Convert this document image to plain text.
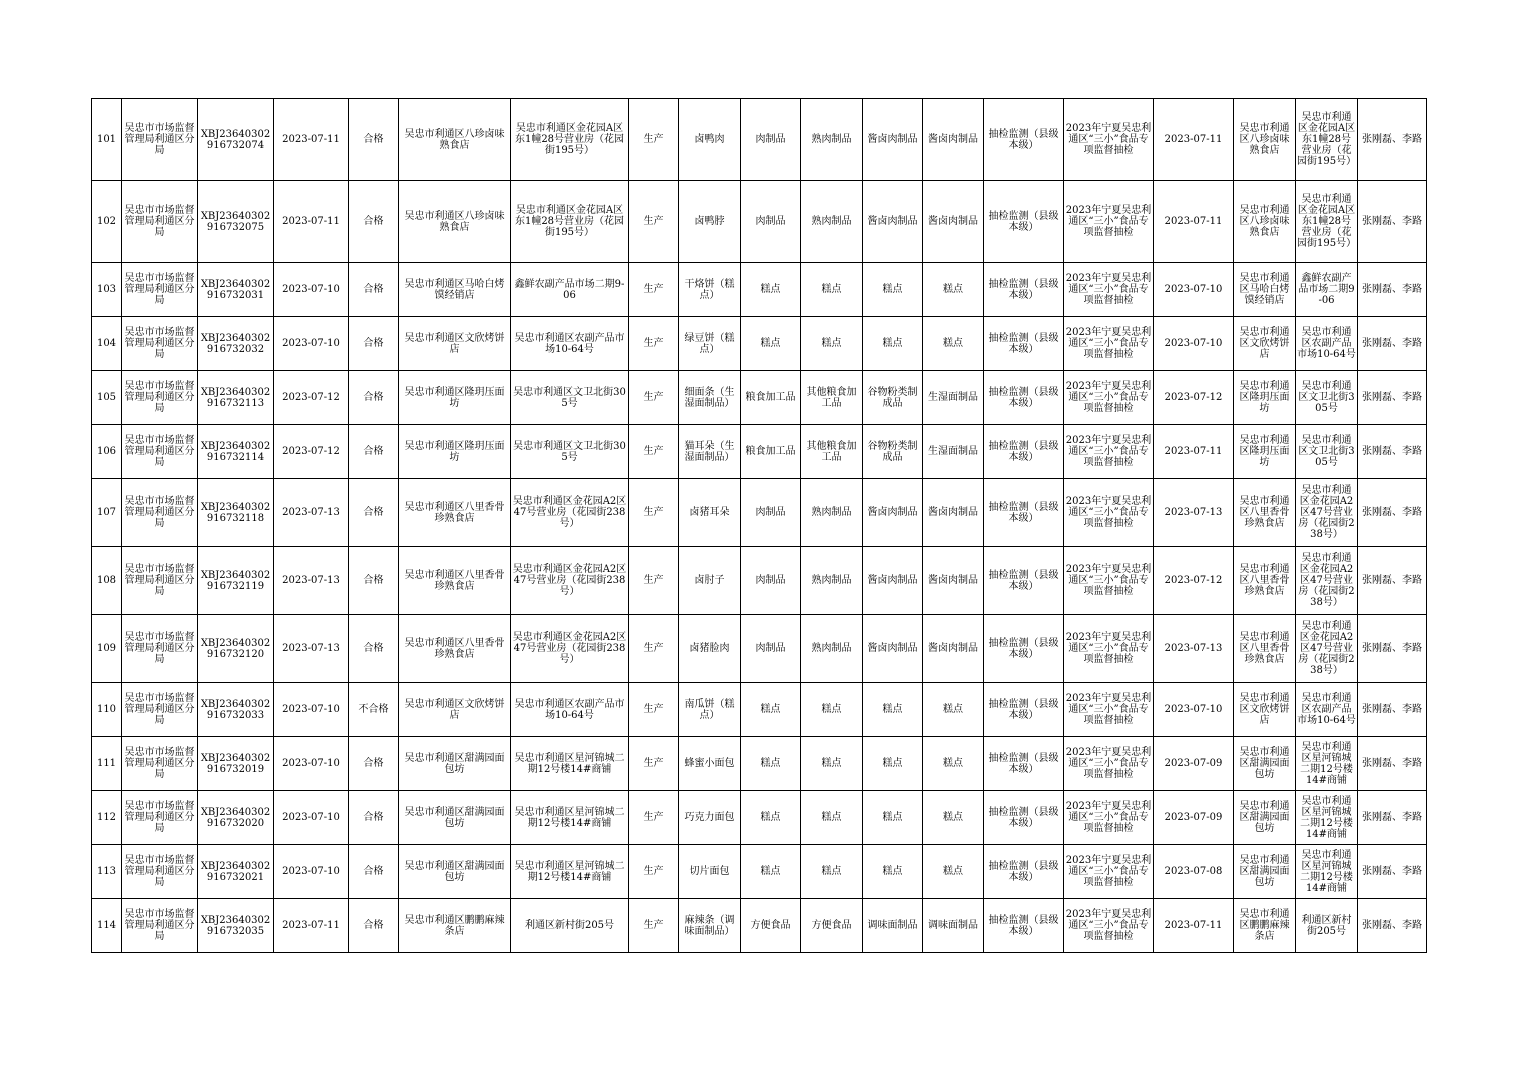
101	吴忠市市场监督管理局利通区分局	XBJ23640302916732074	2023-07-11	合格	吴忠市利通区八珍卤味熟食店	吴忠市利通区金花园A区东1幢28号营业房（花园街195号）	生产	卤鸭肉	肉制品	熟肉制品	酱卤肉制品	酱卤肉制品	抽检监测（县级本级）	2023年宁夏吴忠利通区“三小”食品专项监督抽检	2023-07-11	吴忠市利通区八珍卤味熟食店	吴忠市利通区金花园A区东1幢28号营业房（花园街195号）	张刚磊、李路
102	吴忠市市场监督管理局利通区分局	XBJ23640302916732075	2023-07-11	合格	吴忠市利通区八珍卤味熟食店	吴忠市利通区金花园A区东1幢28号营业房（花园街195号）	生产	卤鸭脖	肉制品	熟肉制品	酱卤肉制品	酱卤肉制品	抽检监测（县级本级）	2023年宁夏吴忠利通区“三小”食品专项监督抽检	2023-07-11	吴忠市利通区八珍卤味熟食店	吴忠市利通区金花园A区东1幢28号营业房（花园街195号）	张刚磊、李路
103	吴忠市市场监督管理局利通区分局	XBJ23640302916732031	2023-07-10	合格	吴忠市利通区马哈白烤馍经销店	鑫鲜农副产品市场二期9-06	生产	干烙饼（糕点）	糕点	糕点	糕点	糕点	抽检监测（县级本级）	2023年宁夏吴忠利通区“三小”食品专项监督抽检	2023-07-10	吴忠市利通区马哈白烤馍经销店	鑫鲜农副产品市场二期9-06	张刚磊、李路
104	吴忠市市场监督管理局利通区分局	XBJ23640302916732032	2023-07-10	合格	吴忠市利通区文欣烤饼店	吴忠市利通区农副产品市场10-64号	生产	绿豆饼（糕点）	糕点	糕点	糕点	糕点	抽检监测（县级本级）	2023年宁夏吴忠利通区“三小”食品专项监督抽检	2023-07-10	吴忠市利通区文欣烤饼店	吴忠市利通区农副产品市场10-64号	张刚磊、李路
105	吴忠市市场监督管理局利通区分局	XBJ23640302916732113	2023-07-12	合格	吴忠市利通区隆玥压面坊	吴忠市利通区文卫北街305号	生产	细面条（生湿面制品）	粮食加工品	其他粮食加工品	谷物粉类制成品	生湿面制品	抽检监测（县级本级）	2023年宁夏吴忠利通区“三小”食品专项监督抽检	2023-07-12	吴忠市利通区隆玥压面坊	吴忠市利通区文卫北街305号	张刚磊、李路
106	吴忠市市场监督管理局利通区分局	XBJ23640302916732114	2023-07-12	合格	吴忠市利通区隆玥压面坊	吴忠市利通区文卫北街305号	生产	猫耳朵（生湿面制品）	粮食加工品	其他粮食加工品	谷物粉类制成品	生湿面制品	抽检监测（县级本级）	2023年宁夏吴忠利通区“三小”食品专项监督抽检	2023-07-11	吴忠市利通区隆玥压面坊	吴忠市利通区文卫北街305号	张刚磊、李路
107	吴忠市市场监督管理局利通区分局	XBJ23640302916732118	2023-07-13	合格	吴忠市利通区八里香骨珍熟食店	吴忠市利通区金花园A2区47号营业房（花园街238号）	生产	卤猪耳朵	肉制品	熟肉制品	酱卤肉制品	酱卤肉制品	抽检监测（县级本级）	2023年宁夏吴忠利通区“三小”食品专项监督抽检	2023-07-13	吴忠市利通区八里香骨珍熟食店	吴忠市利通区金花园A2区47号营业房（花园街238号）	张刚磊、李路
108	吴忠市市场监督管理局利通区分局	XBJ23640302916732119	2023-07-13	合格	吴忠市利通区八里香骨珍熟食店	吴忠市利通区金花园A2区47号营业房（花园街238号）	生产	卤肘子	肉制品	熟肉制品	酱卤肉制品	酱卤肉制品	抽检监测（县级本级）	2023年宁夏吴忠利通区“三小”食品专项监督抽检	2023-07-12	吴忠市利通区八里香骨珍熟食店	吴忠市利通区金花园A2区47号营业房（花园街238号）	张刚磊、李路
109	吴忠市市场监督管理局利通区分局	XBJ23640302916732120	2023-07-13	合格	吴忠市利通区八里香骨珍熟食店	吴忠市利通区金花园A2区47号营业房（花园街238号）	生产	卤猪脸肉	肉制品	熟肉制品	酱卤肉制品	酱卤肉制品	抽检监测（县级本级）	2023年宁夏吴忠利通区“三小”食品专项监督抽检	2023-07-13	吴忠市利通区八里香骨珍熟食店	吴忠市利通区金花园A2区47号营业房（花园街238号）	张刚磊、李路
110	吴忠市市场监督管理局利通区分局	XBJ23640302916732033	2023-07-10	不合格	吴忠市利通区文欣烤饼店	吴忠市利通区农副产品市场10-64号	生产	南瓜饼（糕点）	糕点	糕点	糕点	糕点	抽检监测（县级本级）	2023年宁夏吴忠利通区“三小”食品专项监督抽检	2023-07-10	吴忠市利通区文欣烤饼店	吴忠市利通区农副产品市场10-64号	张刚磊、李路
111	吴忠市市场监督管理局利通区分局	XBJ23640302916732019	2023-07-10	合格	吴忠市利通区甜满园面包坊	吴忠市利通区星河锦城二期12号楼14#商铺	生产	蜂蜜小面包	糕点	糕点	糕点	糕点	抽检监测（县级本级）	2023年宁夏吴忠利通区“三小”食品专项监督抽检	2023-07-09	吴忠市利通区甜满园面包坊	吴忠市利通区星河锦城二期12号楼14#商铺	张刚磊、李路
112	吴忠市市场监督管理局利通区分局	XBJ23640302916732020	2023-07-10	合格	吴忠市利通区甜满园面包坊	吴忠市利通区星河锦城二期12号楼14#商铺	生产	巧克力面包	糕点	糕点	糕点	糕点	抽检监测（县级本级）	2023年宁夏吴忠利通区“三小”食品专项监督抽检	2023-07-09	吴忠市利通区甜满园面包坊	吴忠市利通区星河锦城二期12号楼14#商铺	张刚磊、李路
113	吴忠市市场监督管理局利通区分局	XBJ23640302916732021	2023-07-10	合格	吴忠市利通区甜满园面包坊	吴忠市利通区星河锦城二期12号楼14#商铺	生产	切片面包	糕点	糕点	糕点	糕点	抽检监测（县级本级）	2023年宁夏吴忠利通区“三小”食品专项监督抽检	2023-07-08	吴忠市利通区甜满园面包坊	吴忠市利通区星河锦城二期12号楼14#商铺	张刚磊、李路
114	吴忠市市场监督管理局利通区分局	XBJ23640302916732035	2023-07-11	合格	吴忠市利通区鹏鹏麻辣条店	利通区新村街205号	生产	麻辣条（调味面制品）	方便食品	方便食品	调味面制品	调味面制品	抽检监测（县级本级）	2023年宁夏吴忠利通区“三小”食品专项监督抽检	2023-07-11	吴忠市利通区鹏鹏麻辣条店	利通区新村街205号	张刚磊、李路
